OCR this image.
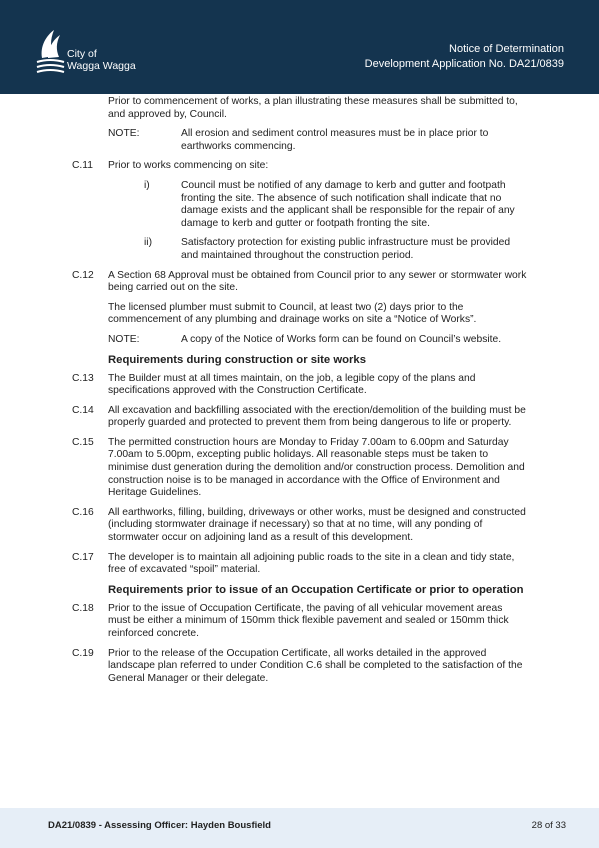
City of
Wagga Wagga
Notice of Determination
Development Application No. DA21/0839

Prior to commencement of works, a plan illustrating these measures shall be submitted to, and approved by, Council.

NOTE:	All erosion and sediment control measures must be in place prior to earthworks commencing.

C.11 Prior to works commencing on site:

i)	Council must be notified of any damage to kerb and gutter and footpath fronting the site. The absence of such notification shall indicate that no damage exists and the applicant shall be responsible for the repair of any damage to kerb and gutter or footpath fronting the site.

ii)	Satisfactory protection for existing public infrastructure must be provided and maintained throughout the construction period.

C.12 A Section 68 Approval must be obtained from Council prior to any sewer or stormwater work being carried out on the site.

The licensed plumber must submit to Council, at least two (2) days prior to the commencement of any plumbing and drainage works on site a “Notice of Works”.

NOTE:	A copy of the Notice of Works form can be found on Council’s website.

Requirements during construction or site works
C.13 The Builder must at all times maintain, on the job, a legible copy of the plans and specifications approved with the Construction Certificate.

C.14 All excavation and backfilling associated with the erection/demolition of the building must be properly guarded and protected to prevent them from being dangerous to life or property.

C.15 The permitted construction hours are Monday to Friday 7.00am to 6.00pm and Saturday 7.00am to 5.00pm, excepting public holidays. All reasonable steps must be taken to minimise dust generation during the demolition and/or construction process. Demolition and construction noise is to be managed in accordance with the Office of Environment and Heritage Guidelines.

C.16 All earthworks, filling, building, driveways or other works, must be designed and constructed (including stormwater drainage if necessary) so that at no time, will any ponding of stormwater occur on adjoining land as a result of this development.

C.17 The developer is to maintain all adjoining public roads to the site in a clean and tidy state, free of excavated “spoil” material.

Requirements prior to issue of an Occupation Certificate or prior to operation
C.18 Prior to the issue of Occupation Certificate, the paving of all vehicular movement areas must be either a minimum of 150mm thick flexible pavement and sealed or 150mm thick reinforced concrete.

C.19 Prior to the release of the Occupation Certificate, all works detailed in the approved landscape plan referred to under Condition C.6 shall be completed to the satisfaction of the General Manager or their delegate.

DA21/0839 - Assessing Officer: Hayden Bousfield	28 of 33
